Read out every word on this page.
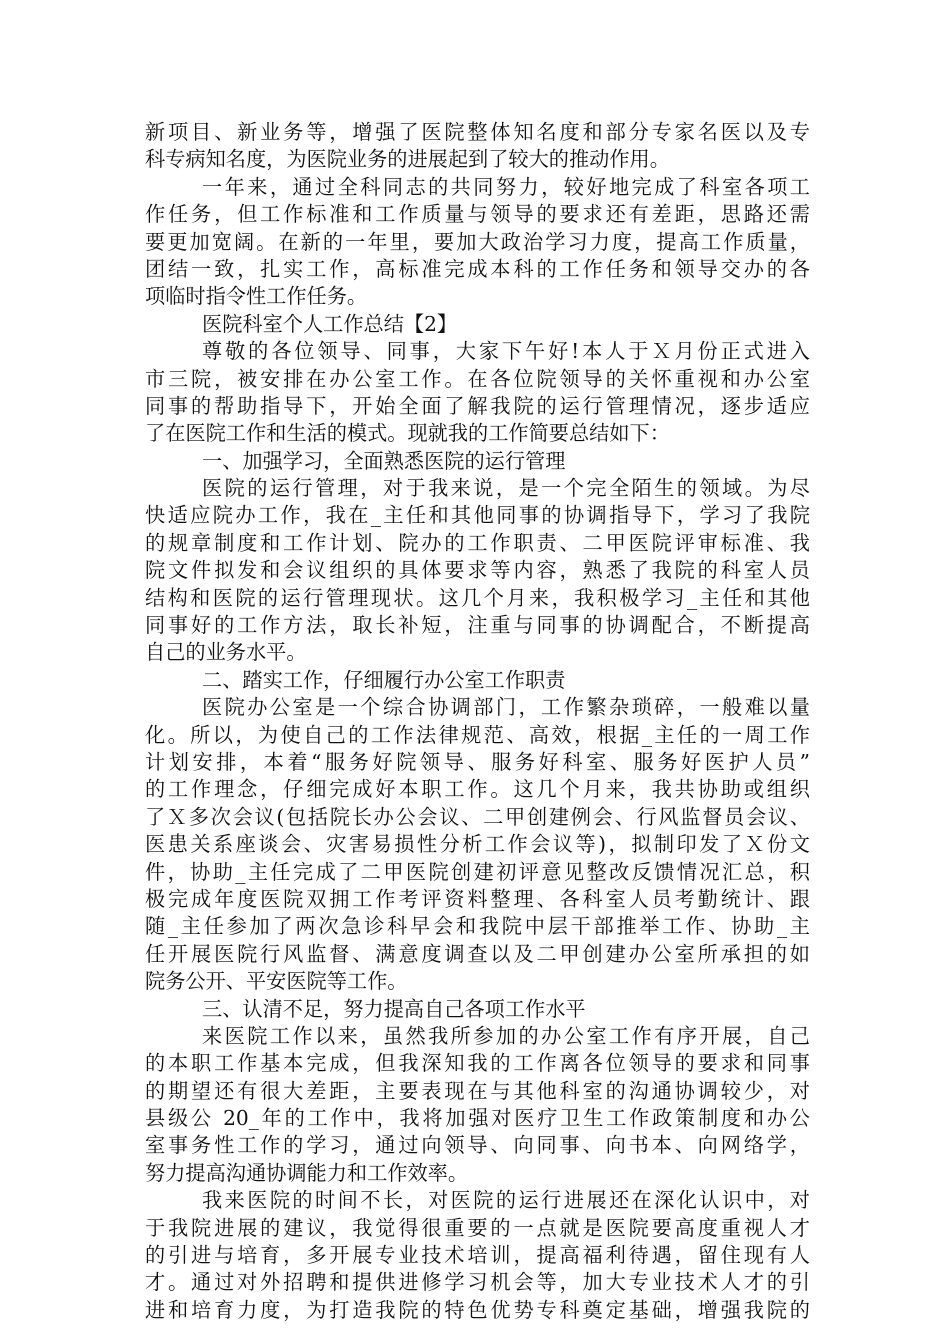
新项目、新业务等，增强了医院整体知名度和部分专家名医以及专
科专病知名度，为医院业务的进展起到了较大的推动作用。
一年来，通过全科同志的共同努力，较好地完成了科室各项工
作任务，但工作标准和工作质量与领导的要求还有差距，思路还需
要更加宽阔。在新的一年里，要加大政治学习力度，提高工作质量，
团结一致，扎实工作，高标准完成本科的工作任务和领导交办的各
项临时指令性工作任务。
医院科室个人工作总结【2】
尊敬的各位领导、同事，大家下午好!本人于Ｘ月份正式进入
市三院，被安排在办公室工作。在各位院领导的关怀重视和办公室
同事的帮助指导下，开始全面了解我院的运行管理情况，逐步适应
了在医院工作和生活的模式。现就我的工作简要总结如下：
一、加强学习，全面熟悉医院的运行管理
医院的运行管理，对于我来说，是一个完全陌生的领域。为尽
快适应院办工作，我在_主任和其他同事的协调指导下，学习了我院
的规章制度和工作计划、院办的工作职责、二甲医院评审标准、我
院文件拟发和会议组织的具体要求等内容，熟悉了我院的科室人员
结构和医院的运行管理现状。这几个月来，我积极学习_主任和其他
同事好的工作方法，取长补短，注重与同事的协调配合，不断提高
自己的业务水平。
二、踏实工作，仔细履行办公室工作职责
医院办公室是一个综合协调部门，工作繁杂琐碎，一般难以量
化。所以，为使自己的工作法律规范、高效，根据_主任的一周工作
计划安排，本着“服务好院领导、服务好科室、服务好医护人员”
的工作理念，仔细完成好本职工作。这几个月来，我共协助或组织
了Ｘ多次会议(包括院长办公会议、二甲创建例会、行风监督员会议、
医患关系座谈会、灾害易损性分析工作会议等)，拟制印发了Ｘ份文
件，协助_主任完成了二甲医院创建初评意见整改反馈情况汇总，积
极完成年度医院双拥工作考评资料整理、各科室人员考勤统计、跟
随_主任参加了两次急诊科早会和我院中层干部推举工作、协助_主
任开展医院行风监督、满意度调查以及二甲创建办公室所承担的如
院务公开、平安医院等工作。
三、认清不足，努力提高自己各项工作水平
来医院工作以来，虽然我所参加的办公室工作有序开展，自己
的本职工作基本完成，但我深知我的工作离各位领导的要求和同事
的期望还有很大差距，主要表现在与其他科室的沟通协调较少，对
县级公 20_年的工作中，我将加强对医疗卫生工作政策制度和办公
室事务性工作的学习，通过向领导、向同事、向书本、向网络学，
努力提高沟通协调能力和工作效率。
我来医院的时间不长，对医院的运行进展还在深化认识中，对
于我院进展的建议，我觉得很重要的一点就是医院要高度重视人才
的引进与培育，多开展专业技术培训，提高福利待遇，留住现有人
才。通过对外招聘和提供进修学习机会等，加大专业技术人才的引
进和培育力度，为打造我院的特色优势专科奠定基础，增强我院的
